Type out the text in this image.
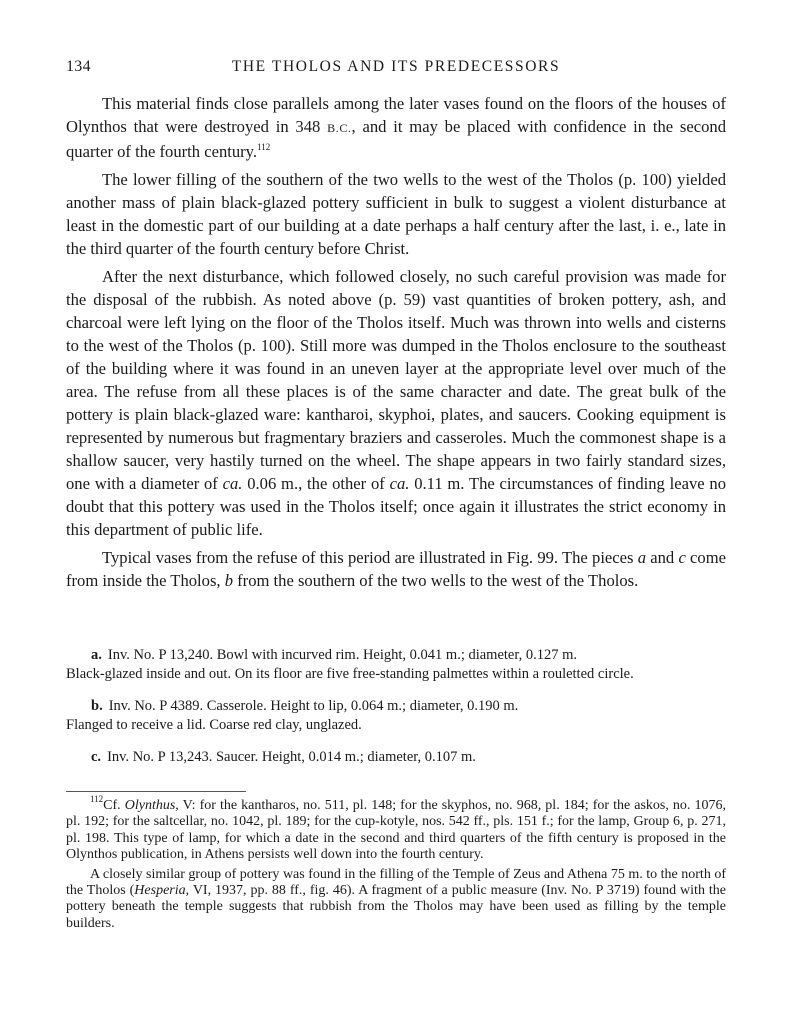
134	THE THOLOS AND ITS PREDECESSORS

This material finds close parallels among the later vases found on the floors of the houses of Olynthos that were destroyed in 348 B.C., and it may be placed with confidence in the second quarter of the fourth century.$^{112}$

The lower filling of the southern of the two wells to the west of the Tholos (p. 100) yielded another mass of plain black-glazed pottery sufficient in bulk to suggest a violent disturbance at least in the domestic part of our building at a date perhaps a half century after the last, i. e., late in the third quarter of the fourth century before Christ.

After the next disturbance, which followed closely, no such careful provision was made for the disposal of the rubbish. As noted above (p. 59) vast quantities of broken pottery, ash, and charcoal were left lying on the floor of the Tholos itself. Much was thrown into wells and cisterns to the west of the Tholos (p. 100). Still more was dumped in the Tholos enclosure to the southeast of the building where it was found in an uneven layer at the appropriate level over much of the area. The refuse from all these places is of the same character and date. The great bulk of the pottery is plain black-glazed ware: kantharoi, skyphoi, plates, and saucers. Cooking equipment is represented by numerous but fragmentary braziers and casseroles. Much the commonest shape is a shallow saucer, very hastily turned on the wheel. The shape appears in two fairly standard sizes, one with a diameter of ca. 0.06 m., the other of ca. 0.11 m. The circumstances of finding leave no doubt that this pottery was used in the Tholos itself; once again it illustrates the strict economy in this department of public life.

Typical vases from the refuse of this period are illustrated in Fig. 99. The pieces a and c come from inside the Tholos, b from the southern of the two wells to the west of the Tholos.

a. Inv. No. P 13,240. Bowl with incurved rim. Height, 0.041 m.; diameter, 0.127 m.
Black-glazed inside and out. On its floor are five free-standing palmettes within a rouletted circle.
b. Inv. No. P 4389. Casserole. Height to lip, 0.064 m.; diameter, 0.190 m.
Flanged to receive a lid. Coarse red clay, unglazed.
c. Inv. No. P 13,243. Saucer. Height, 0.014 m.; diameter, 0.107 m.

$^{112}$Cf. Olynthus, V: for the kantharos, no. 511, pl. 148; for the skyphos, no. 968, pl. 184; for the askos, no. 1076, pl. 192; for the saltcellar, no. 1042, pl. 189; for the cup-kotyle, nos. 542 ff., pls. 151 f.; for the lamp, Group 6, p. 271, pl. 198. This type of lamp, for which a date in the second and third quarters of the fifth century is proposed in the Olynthos publication, in Athens persists well down into the fourth century.

A closely similar group of pottery was found in the filling of the Temple of Zeus and Athena 75 m. to the north of the Tholos (Hesperia, VI, 1937, pp. 88 ff., fig. 46). A fragment of a public measure (Inv. No. P 3719) found with the pottery beneath the temple suggests that rubbish from the Tholos may have been used as filling by the temple builders.
